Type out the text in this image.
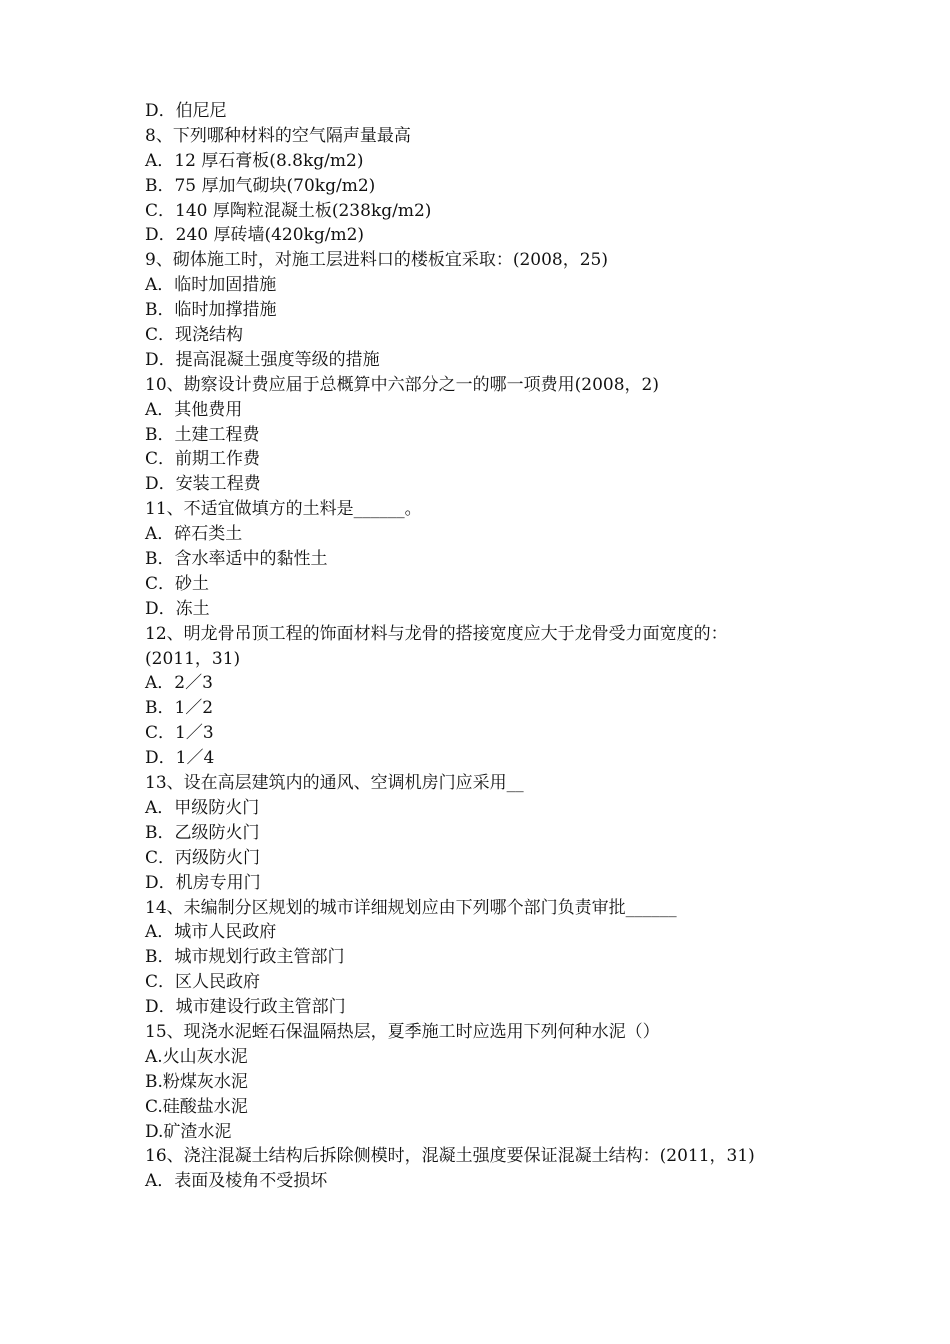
D．伯尼尼
8、下列哪种材料的空气隔声量最高
A．12 厚石膏板(8.8kg/m2)
B．75 厚加气砌块(70kg/m2)
C．140 厚陶粒混凝土板(238kg/m2)
D．240 厚砖墙(420kg/m2)
9、砌体施工时，对施工层进料口的楼板宜采取：(2008，25)
A．临时加固措施
B．临时加撑措施
C．现浇结构
D．提高混凝土强度等级的措施
10、勘察设计费应届于总概算中六部分之一的哪一项费用(2008，2)
A．其他费用
B．土建工程费
C．前期工作费
D．安装工程费
11、不适宜做填方的土料是______。
A．碎石类土
B．含水率适中的黏性土
C．砂土
D．冻土
12、明龙骨吊顶工程的饰面材料与龙骨的搭接宽度应大于龙骨受力面宽度的：
(2011，31)
A．2／3
B．1／2
C．1／3
D．1／4
13、设在高层建筑内的通风、空调机房门应采用__
A．甲级防火门
B．乙级防火门
C．丙级防火门
D．机房专用门
14、未编制分区规划的城市详细规划应由下列哪个部门负责审批______
A．城市人民政府
B．城市规划行政主管部门
C．区人民政府
D．城市建设行政主管部门
15、现浇水泥蛭石保温隔热层，夏季施工时应选用下列何种水泥（）
A.火山灰水泥
B.粉煤灰水泥
C.硅酸盐水泥
D.矿渣水泥
16、浇注混凝土结构后拆除侧模时，混凝土强度要保证混凝土结构：(2011，31)
A．表面及棱角不受损坏
